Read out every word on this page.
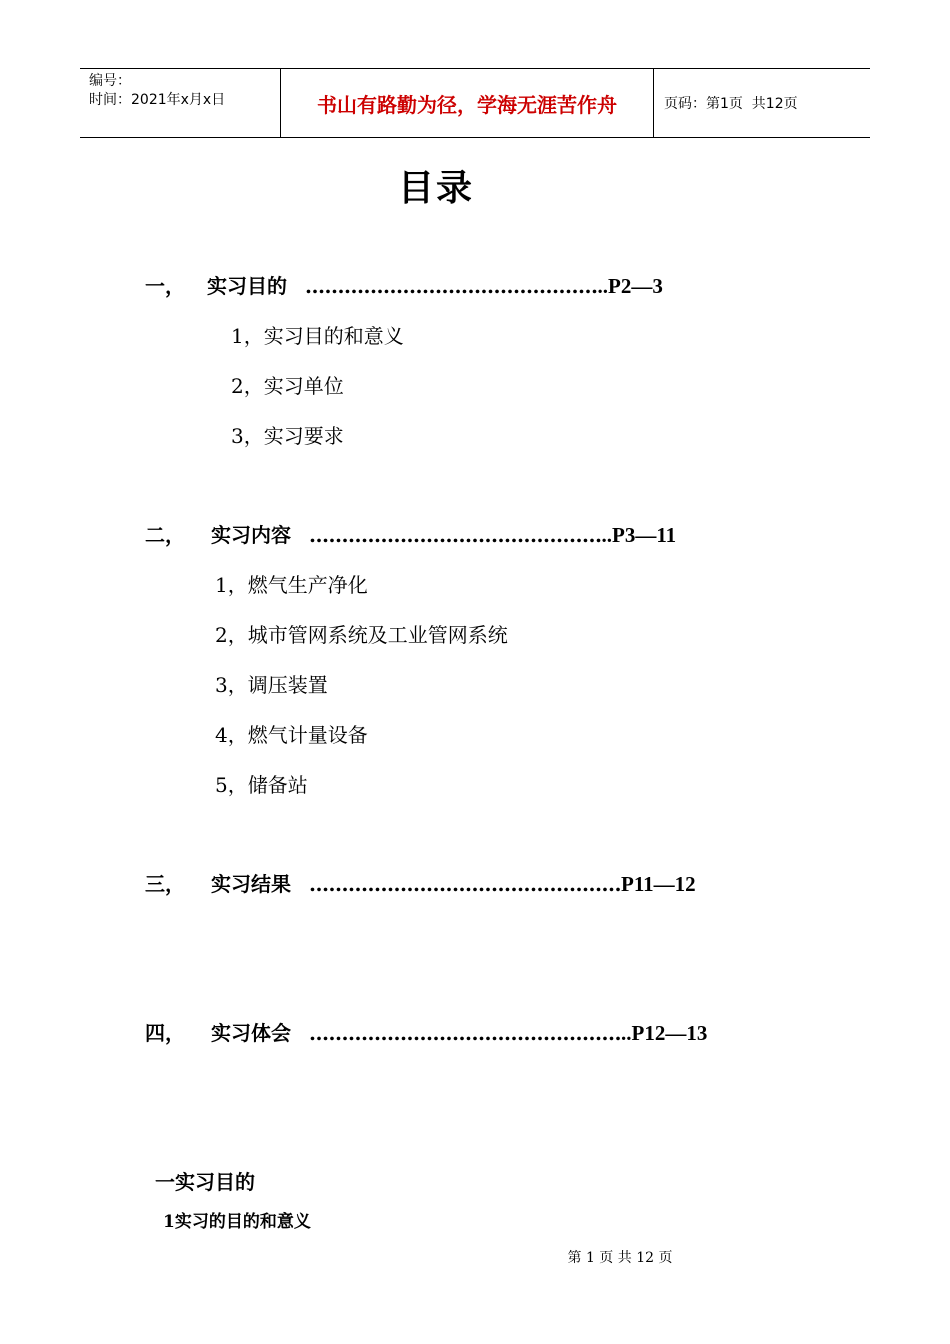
编号：
时间：2021年x月x日	书山有路勤为径，学海无涯苦作舟	页码：第1页  共12页
目录
一，	实习目的 ……………………………………… ..P2—3
1，实习目的和意义
2，实习单位
3，实习要求
二，	实习内容 ……………………………………… ..P3—11
1，燃气生产净化
2，城市管网系统及工业管网系统
3，调压装置
4，燃气计量设备
5，储备站
三，	实习结果 ………………………………………… P11—12
四，	实习体会 ………………………………………… ..P12—13
一实习目的
1实习的目的和意义
第 1 页 共 12 页
